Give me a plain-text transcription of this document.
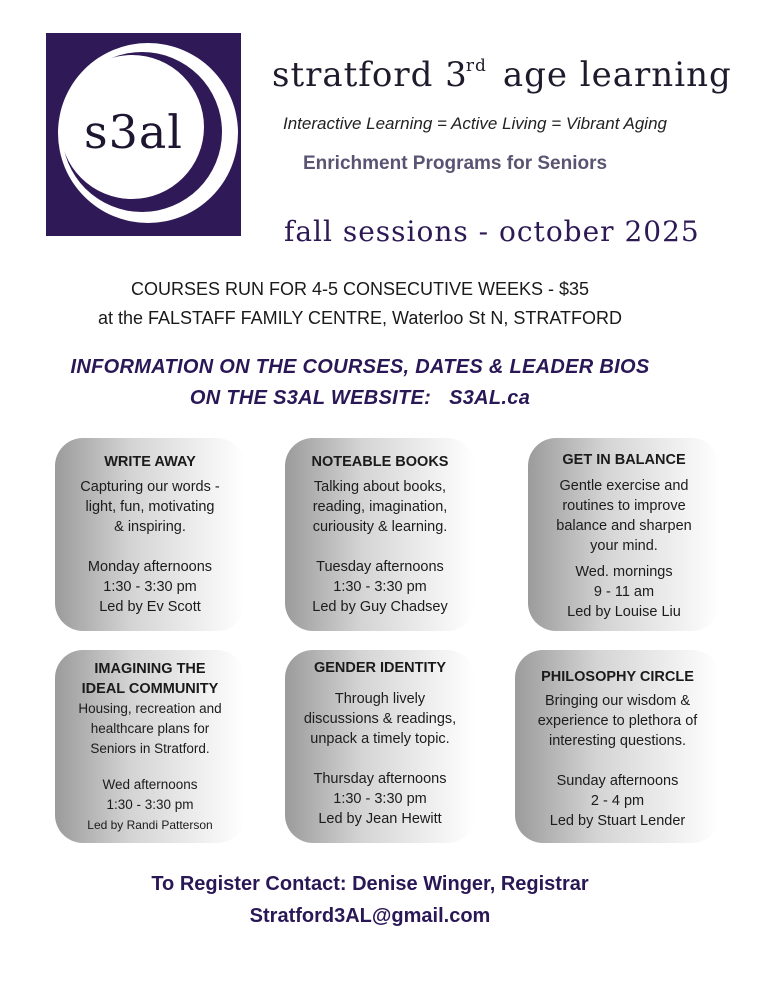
s3al
stratford 3rd age learning
Interactive Learning = Active Living = Vibrant Aging
Enrichment Programs for Seniors
fall sessions - october 2025
COURSES RUN FOR 4-5 CONSECUTIVE WEEKS - $35
at the FALSTAFF FAMILY CENTRE, Waterloo St N, STRATFORD
INFORMATION ON THE COURSES, DATES & LEADER BIOS
ON THE S3AL WEBSITE: S3AL.ca
WRITE AWAY
Capturing our words -
light, fun, motivating
& inspiring.
Monday afternoons
1:30 - 3:30 pm
Led by Ev Scott
NOTEABLE BOOKS
Talking about books,
reading, imagination,
curiousity & learning.
Tuesday afternoons
1:30 - 3:30 pm
Led by Guy Chadsey
GET IN BALANCE
Gentle exercise and
routines to improve
balance and sharpen
your mind.
Wed. mornings
9 - 11 am
Led by Louise Liu
IMAGINING THE
IDEAL COMMUNITY
Housing, recreation and
healthcare plans for
Seniors in Stratford.
Wed afternoons
1:30 - 3:30 pm
Led by Randi Patterson
GENDER IDENTITY
Through lively
discussions & readings,
unpack a timely topic.
Thursday afternoons
1:30 - 3:30 pm
Led by Jean Hewitt
PHILOSOPHY CIRCLE
Bringing our wisdom &
experience to plethora of
interesting questions.
Sunday afternoons
2 - 4 pm
Led by Stuart Lender
To Register Contact: Denise Winger, Registrar
Stratford3AL@gmail.com
